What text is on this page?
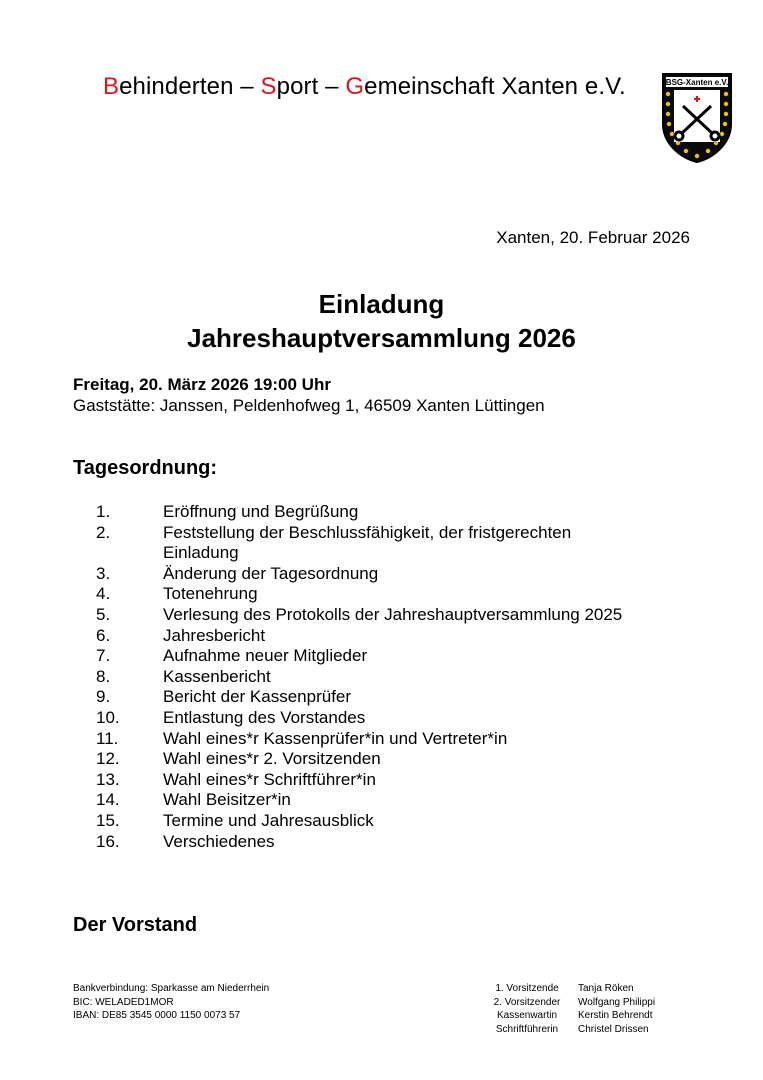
Behinderten – Sport – Gemeinschaft Xanten e.V.	BSG-Xanten e.V.
Xanten, 20. Februar 2026
Einladung
Jahreshauptversammlung 2026
Freitag, 20. März 2026 19:00 Uhr
Gaststätte: Janssen, Peldenhofweg 1, 46509 Xanten Lüttingen
Tagesordnung:
1.	Eröffnung und Begrüßung
2.	Feststellung der Beschlussfähigkeit, der fristgerechten
Einladung
3.	Änderung der Tagesordnung
4.	Totenehrung
5.	Verlesung des Protokolls der Jahreshauptversammlung 2025
6.	Jahresbericht
7.	Aufnahme neuer Mitglieder
8.	Kassenbericht
9.	Bericht der Kassenprüfer
10.	Entlastung des Vorstandes
11.	Wahl eines*r Kassenprüfer*in und Vertreter*in
12.	Wahl eines*r 2. Vorsitzenden
13.	Wahl eines*r Schriftführer*in
14.	Wahl Beisitzer*in
15.	Termine und Jahresausblick
16.	Verschiedenes
Der Vorstand
Bankverbindung: Sparkasse am Niederrhein
BIC: WELADED1MOR
IBAN: DE85 3545 0000 1150 0073 57
1. Vorsitzende	Tanja Röken
2. Vorsitzender	Wolfgang Philippi
Kassenwartin	Kerstin Behrendt
Schriftführerin	Christel Drissen
